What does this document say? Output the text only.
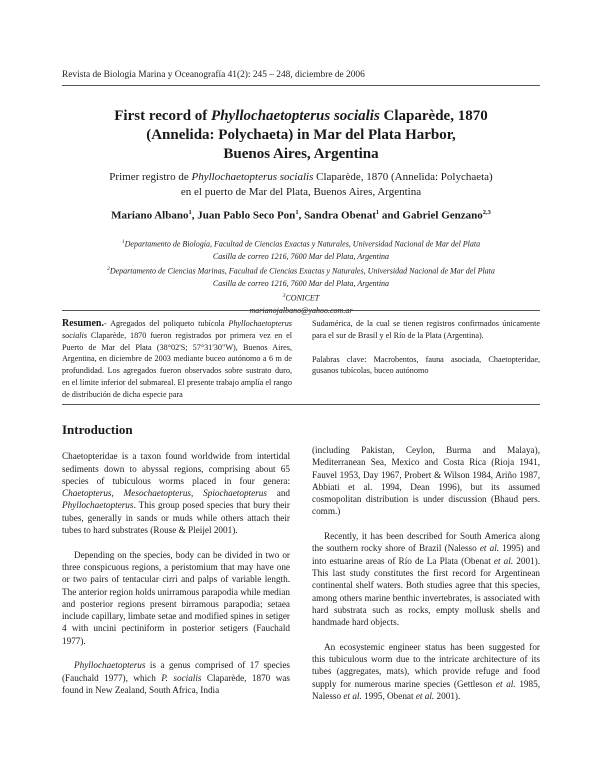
Revista de Biología Marina y Oceanografía 41(2): 245 – 248, diciembre de 2006
First record of Phyllochaetopterus socialis Claparède, 1870
(Annelida: Polychaeta) in Mar del Plata Harbor,
Buenos Aires, Argentina
Primer registro de Phyllochaetopterus socialis Claparède, 1870 (Annelida: Polychaeta)
en el puerto de Mar del Plata, Buenos Aires, Argentina
Mariano Albano$^1$, Juan Pablo Seco Pon$^1$, Sandra Obenat$^1$ and Gabriel Genzano$^{2,3}$
$^1$Departamento de Biología, Facultad de Ciencias Exactas y Naturales, Universidad Nacional de Mar del Plata
Casilla de correo 1216, 7600 Mar del Plata, Argentina
$^2$Departamento de Ciencias Marinas, Facultad de Ciencias Exactas y Naturales, Universidad Nacional de Mar del Plata
Casilla de correo 1216, 7600 Mar del Plata, Argentina
$^3$CONICET
Resumen.- Agregados del poliqueto tubícola Phyllochaetopterus socialis Claparède, 1870 fueron registrados por primera vez en el Puerto de Mar del Plata (38°02'S; 57°31'30"W), Buenos Aires, Argentina, en diciembre de 2003 mediante buceo autónomo a 6 m de profundidad. Los agregados fueron observados sobre sustrato duro, en el límite inferior del submareal. El presente trabajo amplía el rango de distribución de dicha especie para

Sudamérica, de la cual se tienen registros confirmados únicamente para el sur de Brasil y el Río de la Plata (Argentina).

Palabras clave: Macrobentos, fauna asociada, Chaetopteridae, gusanos tubícolas, buceo autónomo

Introduction

Chaetopteridae is a taxon found worldwide from intertidal sediments down to abyssal regions, comprising about 65 species of tubiculous worms placed in four genera: Chaetopterus, Mesochaetopterus, Spiochaetopterus and Phyllochaetopterus. This group posed species that bury their tubes, generally in sands or muds while others attach their tubes to hard substrates (Rouse & Pleijel 2001).

Depending on the species, body can be divided in two or three conspicuous regions, a peristomium that may have one or two pairs of tentacular cirri and palps of variable length. The anterior region holds unirramous parapodia while median and posterior regions present birramous parapodia; setaea include capillary, limbate setae and modified spines in setiger 4 with uncini pectiniform in posterior setigers (Fauchald 1977).

Phyllochaetopterus is a genus comprised of 17 species (Fauchald 1977), which P. socialis Claparède, 1870 was found in New Zealand, South Africa, India

(including Pakistan, Ceylon, Burma and Malaya), Mediterranean Sea, Mexico and Costa Rica (Rioja 1941, Fauvel 1953, Day 1967, Probert & Wilson 1984, Ariño 1987, Abbiati et al. 1994, Dean 1996), but its assumed cosmopolitan distribution is under discussion (Bhaud pers. comm.)

Recently, it has been described for South America along the southern rocky shore of Brazil (Nalesso et al. 1995) and into estuarine areas of Río de La Plata (Obenat et al. 2001). This last study constitutes the first record for Argentinean continental shelf waters. Both studies agree that this species, among others marine benthic invertebrates, is associated with hard substrata such as rocks, empty mollusk shells and handmade hard objects.

An ecosystemic engineer status has been suggested for this tubiculous worm due to the intricate architecture of its tubes (aggregates, mats), which provide refuge and food supply for numerous marine species (Gettleson et al. 1985, Nalesso et al. 1995, Obenat et al. 2001).
